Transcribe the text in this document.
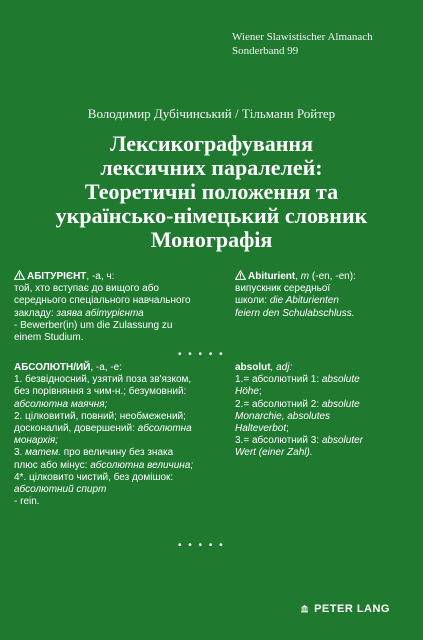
Wiener Slawistischer Almanach
Sonderband 99
Володимир Дубічинський / Тільманн Ройтер
Лексикографування
лексичних паралелей:
Теоретичні положення та
українсько-німецький словник
Монографія
АБІТУРІЄНТ, -а, ч:
той, хто вступає до вищого або
середнього спеціального навчального
закладу: заява абітурієнта
- Bewerber(in) um die Zulassung zu
einem Studium.
Abiturient, m (-en, -en):
випускник середньої
школи: die Abiturienten
feiern den Schulabschluss.
• • • • •
АБСОЛЮТН/ИЙ, -а, -е:
1. безвідносний, узятий поза зв'язком,
без порівняння з чим-н.; безумовний:
абсолютна маячня;
2. цілковитий, повний; необмежений;
досконалий, довершений: абсолютна
монархія;
3. матем. про величину без знака
плюс або мінус: абсолютна величина;
4*. цілковито чистий, без домішок:
абсолютний спирт
- rein.
absolut, adj:
1.= абсолютний 1: absolute
Höhe;
2.= абсолютний 2: absolute
Monarchie, absolutes
Halteverbot;
3.= абсолютний 3: absoluter
Wert (einer Zahl).
• • • • •
PETER LANG
